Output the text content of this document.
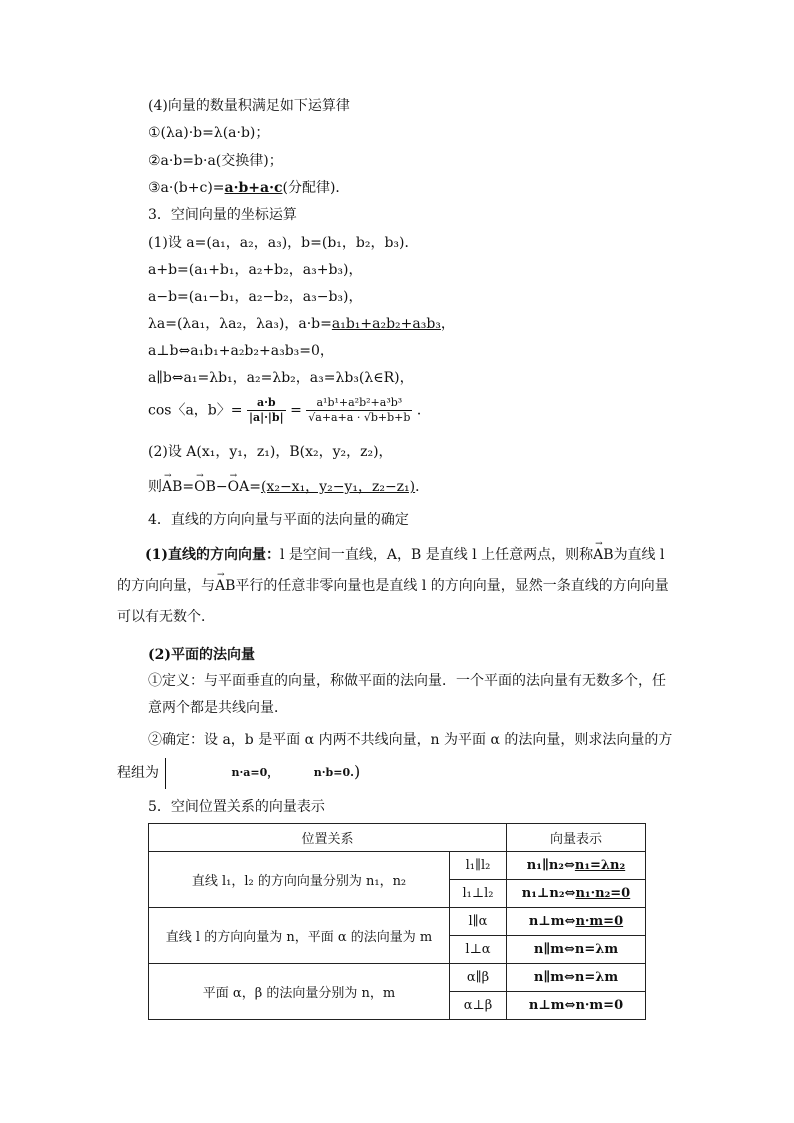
(4)向量的数量积满足如下运算律
①(λa)·b=λ(a·b)；
②a·b=b·a(交换律)；
③a·(b+c)=a·b+a·c(分配律)．
3．空间向量的坐标运算
(1)设 a=(a₁，a₂，a₃)，b=(b₁，b₂，b₃)．
a+b=(a₁+b₁，a₂+b₂，a₃+b₃)，
a−b=(a₁−b₁，a₂−b₂，a₃−b₃)，
λa=(λa₁，λa₂，λa₃)，a·b=a₁b₁+a₂b₂+a₃b₃，
a⊥b⇔a₁b₁+a₂b₂+a₃b₃=0，
a∥b⇔a₁=λb₁，a₂=λb₂，a₃=λb₃(λ∈R)，
cos〈a，b〉= $\frac{a\cdot b}{|a|\cdot|b|} = \frac{\text{a¹b¹+a²b²+a³b³}}{√a+a+a \cdot √b+b+b}$ ．
(2)设 A(x₁，y₁，z₁)，B(x₂，y₂，z₂)，
则→ AB=→ OB−→ OA=(x₂−x₁，y₂−y₁，z₂−z₁)．
4．直线的方向向量与平面的法向量的确定
(1)直线的方向向量：l 是空间一直线，A，B 是直线 l 上任意两点，则称→ AB为直线 l 的方向向量，与→ AB平行的任意非零向量也是直线 l 的方向向量，显然一条直线的方向向量可以有无数个．
(2)平面的法向量
①定义：与平面垂直的向量，称做平面的法向量．一个平面的法向量有无数多个，任意两个都是共线向量．
②确定：设 a，b 是平面 α 内两不共线向量，n 为平面 α 的法向量，则求法向量的方程组为	n·a=0，	n·b=0.)
5．空间位置关系的向量表示
位置关系		向量表示
直线 l₁，l₂ 的方向向量分别为 n₁，n₂	l₁∥l₂	n₁∥n₂⇔n₁=λn₂
	l₁⊥l₂	n₁⊥n₂⇔n₁·n₂=0
直线 l 的方向向量为 n，平面 α 的法向量为 m	l∥α	n⊥m⇔n·m=0
	l⊥α	n∥m⇔n=λm
平面 α，β 的法向量分别为 n，m	α∥β	n∥m⇔n=λm
	α⊥β	n⊥m⇔n·m=0
